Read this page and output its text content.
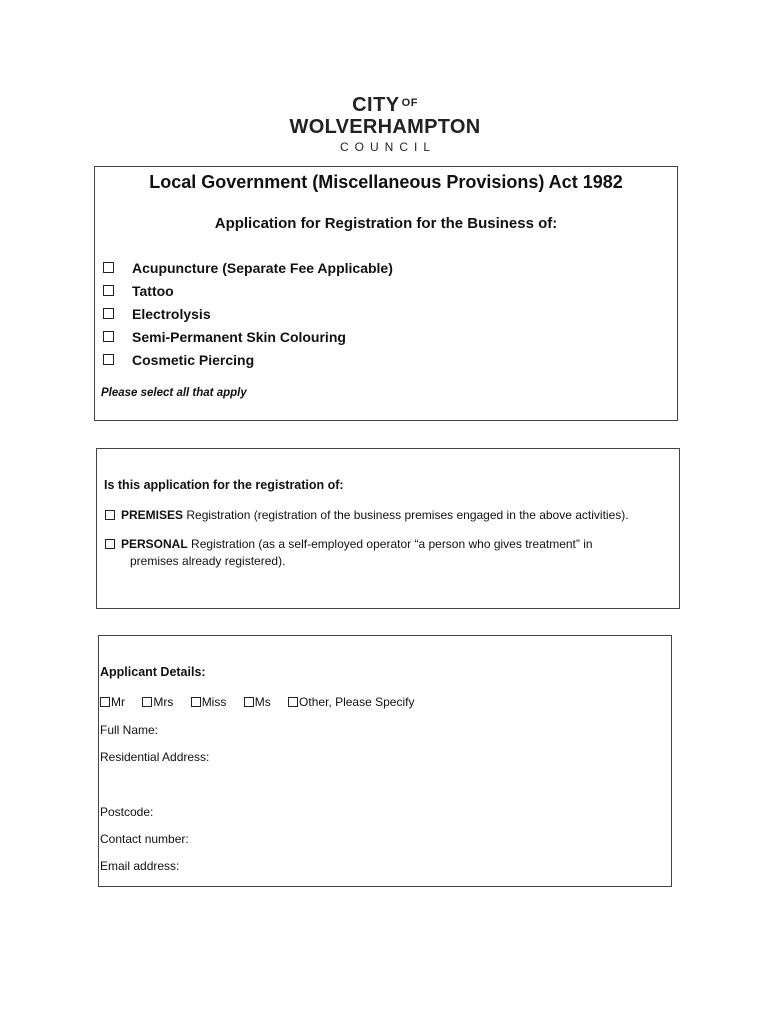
CITY $^{OF}$
WOLVERHAMPTON
COUNCIL
Local Government (Miscellaneous Provisions) Act 1982
Application for Registration for the Business of:
Acupuncture (Separate Fee Applicable)
Tattoo
Electrolysis
Semi-Permanent Skin Colouring
Cosmetic Piercing
Please select all that apply
Is this application for the registration of:
PREMISES Registration (registration of the business premises engaged in the above activities).
PERSONAL Registration (as a self-employed operator “a person who gives treatment” in
premises already registered).
Applicant Details:
Mr Mrs Miss Ms Other, Please Specify
Full Name:
Residential Address:
Postcode:
Contact number:
Email address:
